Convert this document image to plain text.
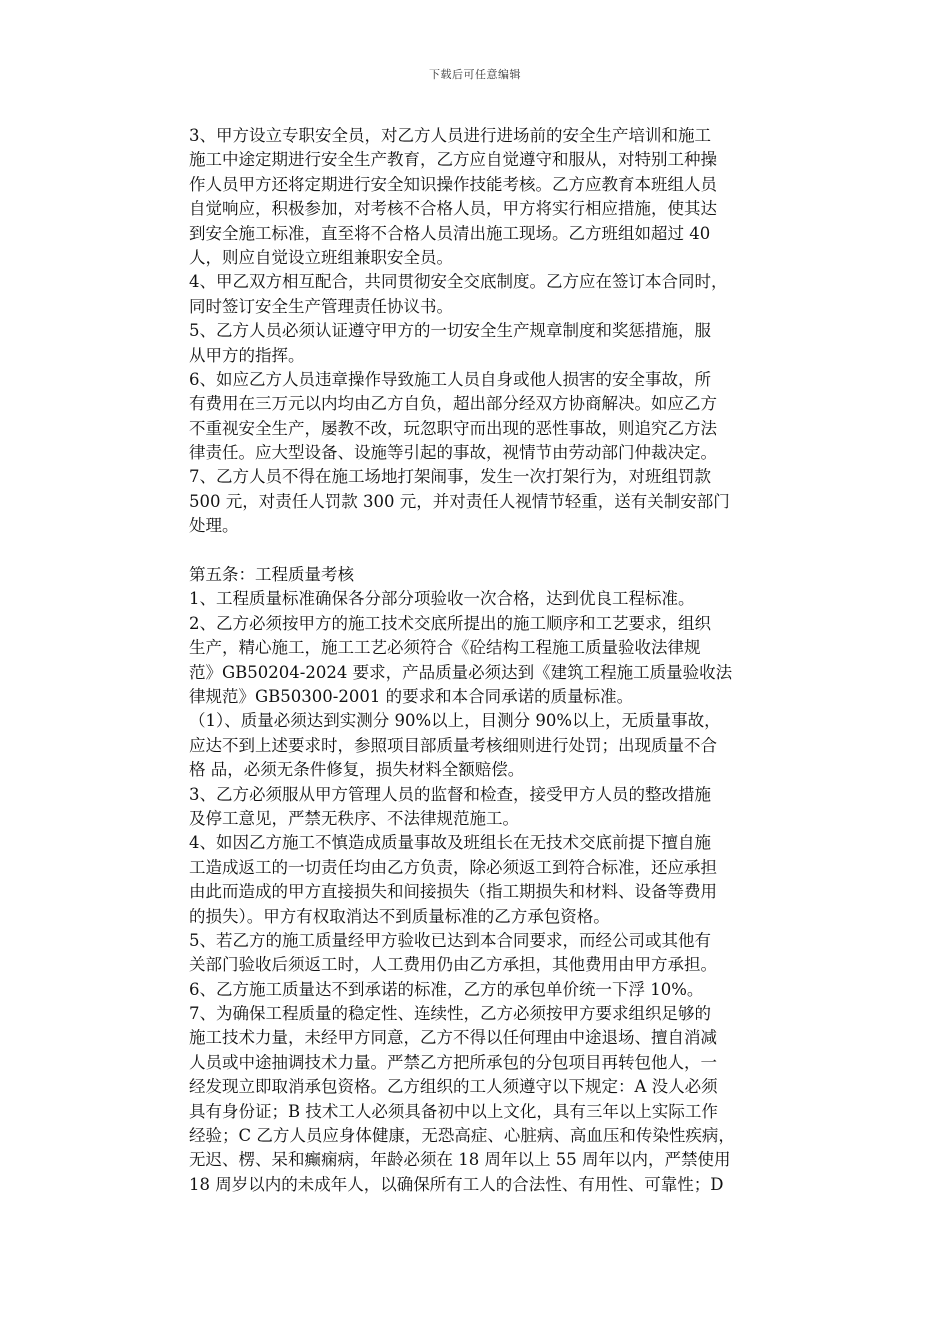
下载后可任意编辑
3、甲方设立专职安全员，对乙方人员进行进场前的安全生产培训和施工
施工中途定期进行安全生产教育，乙方应自觉遵守和服从，对特别工种操
作人员甲方还将定期进行安全知识操作技能考核。乙方应教育本班组人员
自觉响应，积极参加，对考核不合格人员，甲方将实行相应措施，使其达
到安全施工标准，直至将不合格人员清出施工现场。乙方班组如超过 40
人，则应自觉设立班组兼职安全员。
4、甲乙双方相互配合，共同贯彻安全交底制度。乙方应在签订本合同时，
同时签订安全生产管理责任协议书。
5、乙方人员必须认证遵守甲方的一切安全生产规章制度和奖惩措施，服
从甲方的指挥。
6、如应乙方人员违章操作导致施工人员自身或他人损害的安全事故，所
有费用在三万元以内均由乙方自负，超出部分经双方协商解决。如应乙方
不重视安全生产，屡教不改，玩忽职守而出现的恶性事故，则追究乙方法
律责任。应大型设备、设施等引起的事故，视情节由劳动部门仲裁决定。
7、乙方人员不得在施工场地打架闹事，发生一次打架行为，对班组罚款
500 元，对责任人罚款 300 元，并对责任人视情节轻重，送有关制安部门
处理。
第五条：工程质量考核
1、工程质量标准确保各分部分项验收一次合格，达到优良工程标准。
2、乙方必须按甲方的施工技术交底所提出的施工顺序和工艺要求，组织
生产，精心施工，施工工艺必须符合《砼结构工程施工质量验收法律规
范》GB50204-2024 要求，产品质量必须达到《建筑工程施工质量验收法
律规范》GB50300-2001 的要求和本合同承诺的质量标准。
（1）、质量必须达到实测分 90%以上，目测分 90%以上，无质量事故，
应达不到上述要求时，参照项目部质量考核细则进行处罚；出现质量不合
格 品，必须无条件修复，损失材料全额赔偿。
3、乙方必须服从甲方管理人员的监督和检查，接受甲方人员的整改措施
及停工意见，严禁无秩序、不法律规范施工。
4、如因乙方施工不慎造成质量事故及班组长在无技术交底前提下擅自施
工造成返工的一切责任均由乙方负责，除必须返工到符合标准，还应承担
由此而造成的甲方直接损失和间接损失（指工期损失和材料、设备等费用
的损失）。甲方有权取消达不到质量标准的乙方承包资格。
5、若乙方的施工质量经甲方验收已达到本合同要求，而经公司或其他有
关部门验收后须返工时，人工费用仍由乙方承担，其他费用由甲方承担。
6、乙方施工质量达不到承诺的标准，乙方的承包单价统一下浮 10%。
7、为确保工程质量的稳定性、连续性，乙方必须按甲方要求组织足够的
施工技术力量，未经甲方同意，乙方不得以任何理由中途退场、擅自消减
人员或中途抽调技术力量。严禁乙方把所承包的分包项目再转包他人，一
经发现立即取消承包资格。乙方组织的工人须遵守以下规定：A 没人必须
具有身份证；B 技术工人必须具备初中以上文化，具有三年以上实际工作
经验；C 乙方人员应身体健康，无恐高症、心脏病、高血压和传染性疾病，
无迟、楞、呆和癫痫病，年龄必须在 18 周年以上 55 周年以内，严禁使用
18 周岁以内的未成年人，以确保所有工人的合法性、有用性、可靠性；D
